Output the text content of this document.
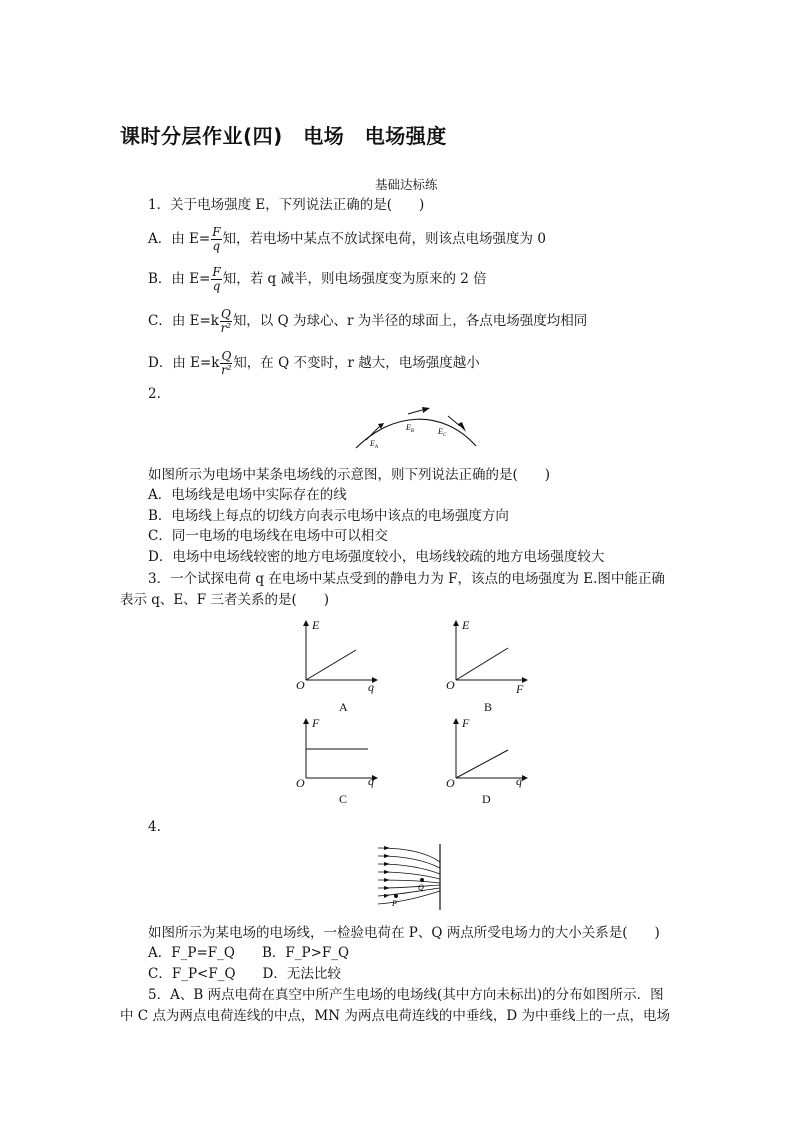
课时分层作业(四)　电场　电场强度
基础达标练
1．关于电场强度 E，下列说法正确的是(　　)
A．由 $E= \frac{F}{q}$ 知，若电场中某点不放试探电荷，则该点电场强度为 0
B．由 $E= \frac{F}{q}$ 知，若 q 减半，则电场强度变为原来的 2 倍
C．由 $E=k \frac{Q}{\text{r²}}$ 知，以 Q 为球心、r 为半径的球面上，各点电场强度均相同
D．由 $E=k \frac{Q}{\text{r²}}$ 知，在 Q 不变时，r 越大，电场强度越小
2.
$E_A$
$E_B$	$E_C$
如图所示为电场中某条电场线的示意图，则下列说法正确的是(　　)
A．电场线是电场中实际存在的线
B．电场线上每点的切线方向表示电场中该点的电场强度方向
C．同一电场的电场线在电场中可以相交
D．电场中电场线较密的地方电场强度较小，电场线较疏的地方电场强度较大
3．一个试探电荷 q 在电场中某点受到的静电力为 F，该点的电场强度为 E.图中能正确
表示 q、E、F 三者关系的是(　　)
E
O	q
A
E
O	F
B
F
O	q
C
F
O	q
D
4.
Q
P
如图所示为某电场的电场线，一检验电荷在 P、Q 两点所受电场力的大小关系是(　　)
A．F_P=F_Q　　B．F_P>F_Q
C．F_P<F_Q　　D．无法比较
5．A、B 两点电荷在真空中所产生电场的电场线(其中方向未标出)的分布如图所示．图
中 C 点为两点电荷连线的中点，MN 为两点电荷连线的中垂线，D 为中垂线上的一点，电场
